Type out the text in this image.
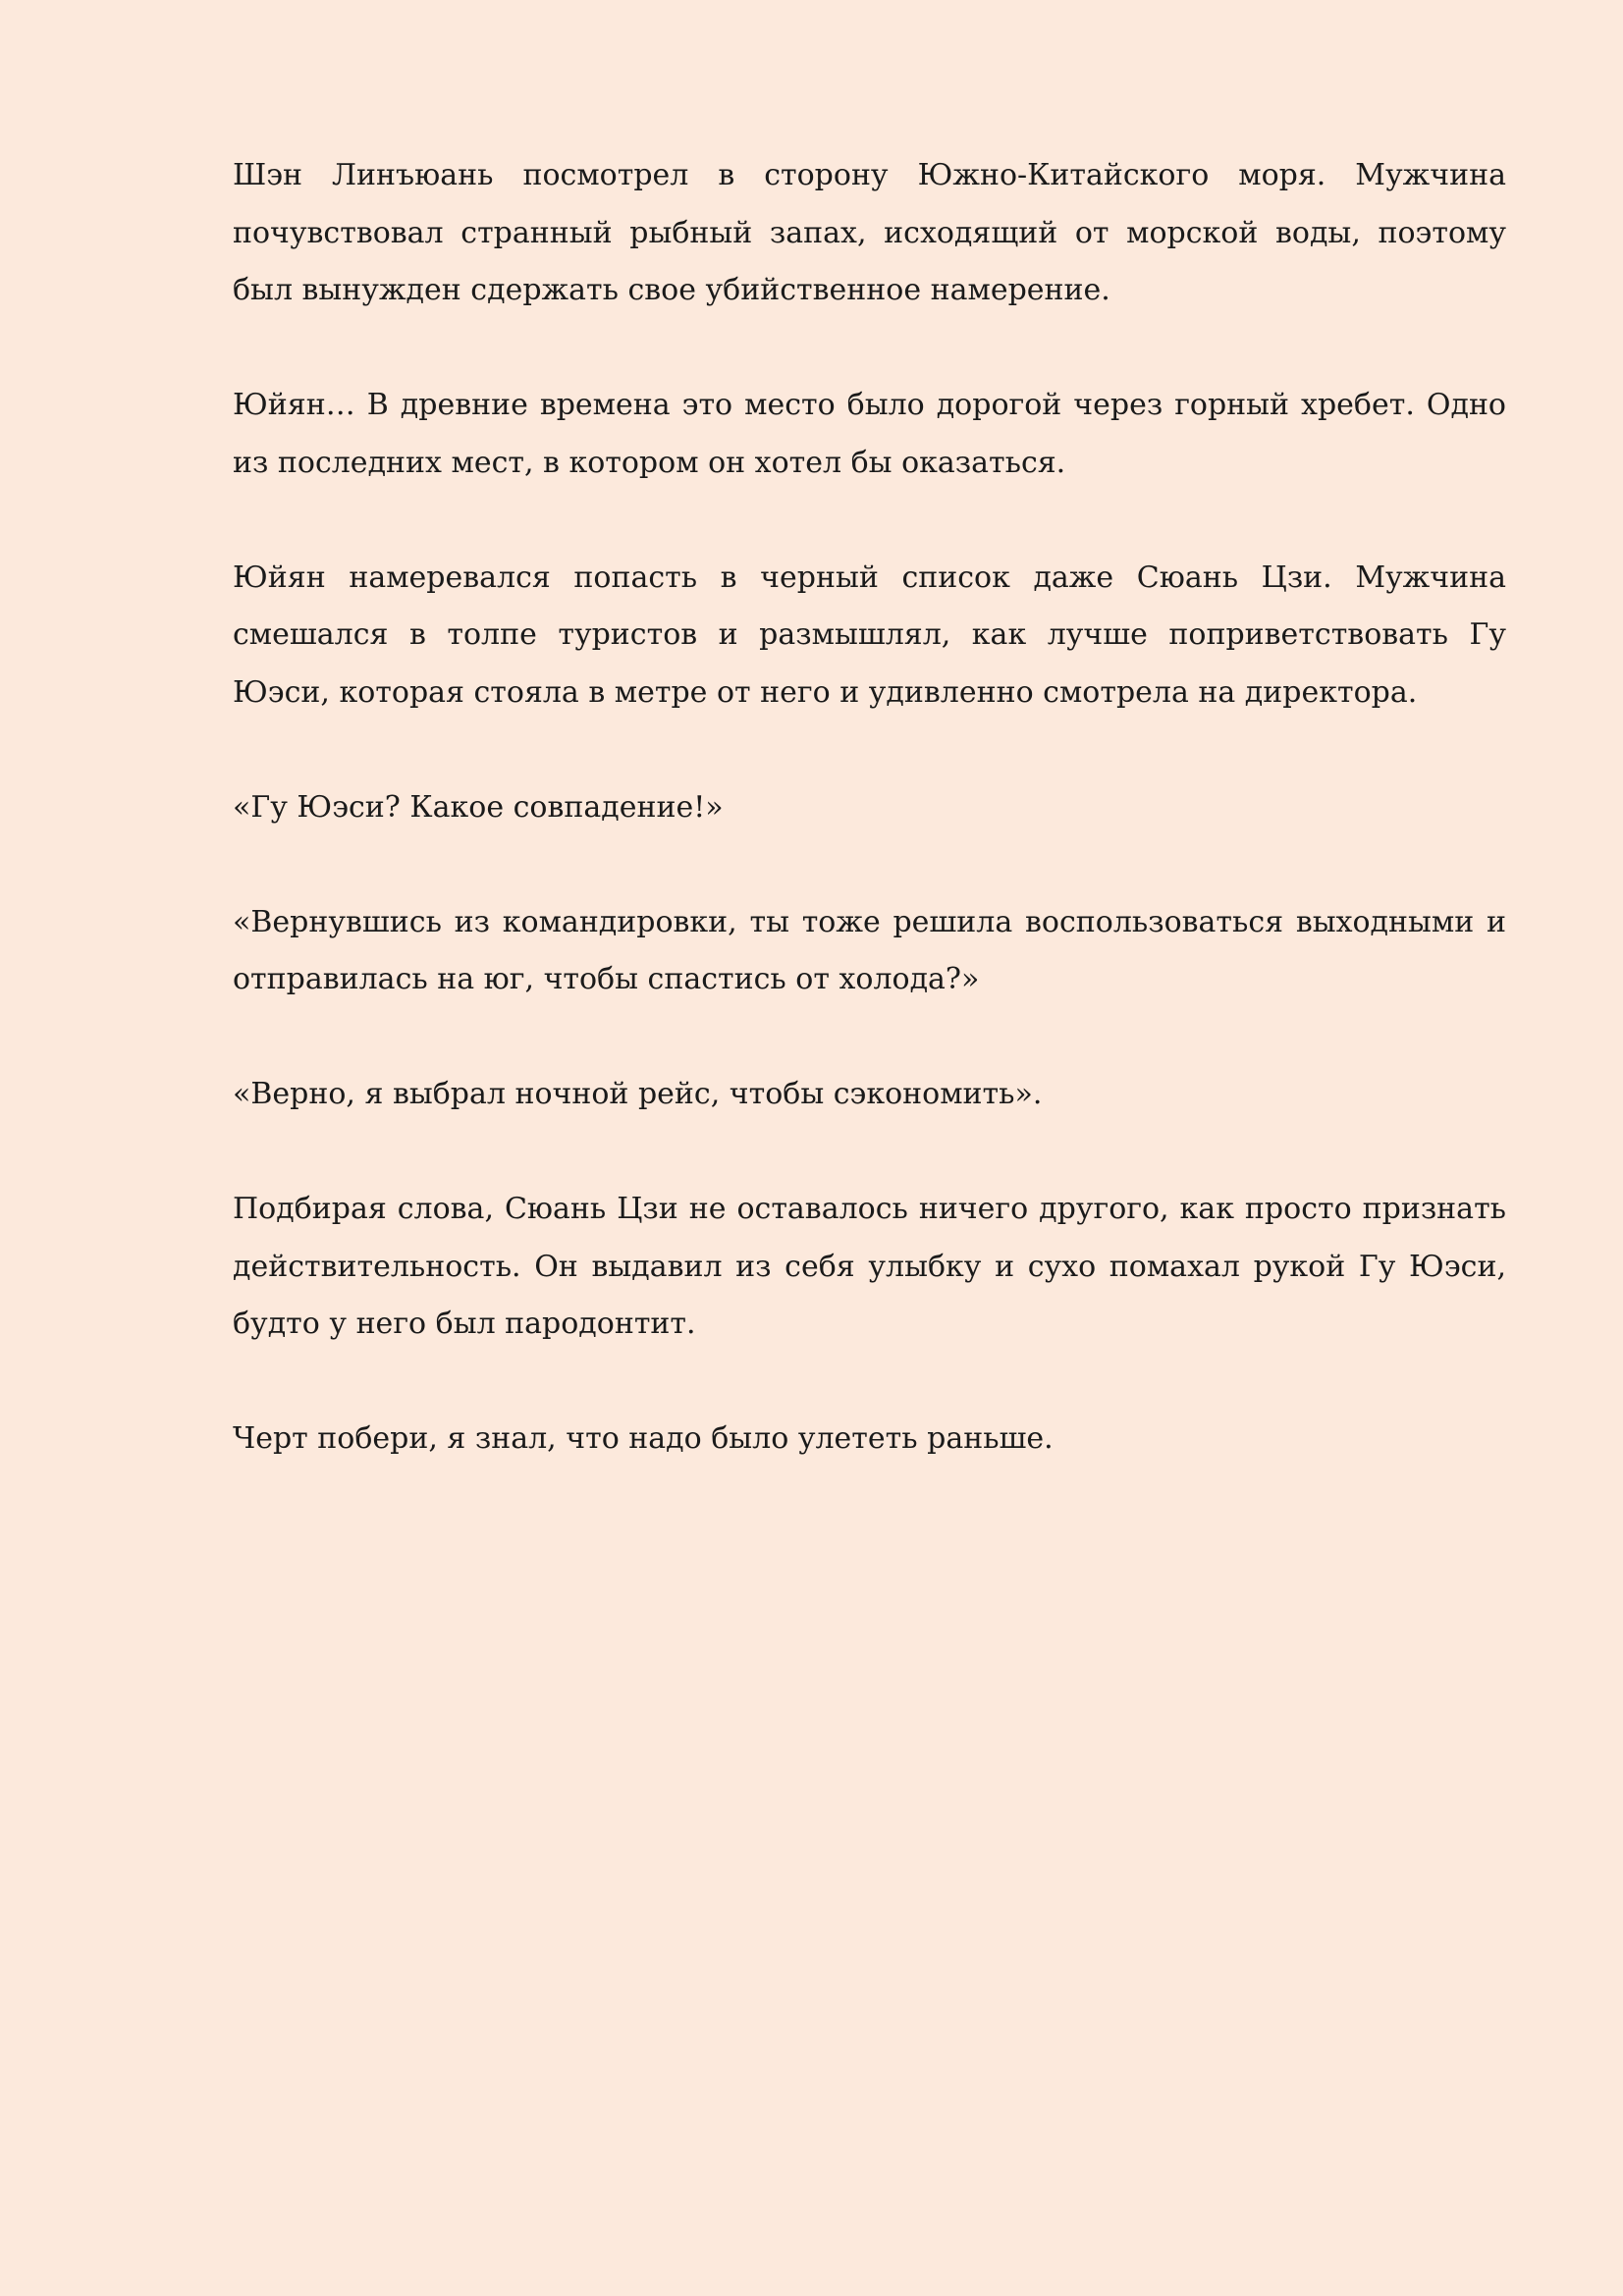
Шэн Линъюань посмотрел в сторону Южно-Китайского моря. Мужчина почувствовал странный рыбный запах, исходящий от морской воды, поэтому был вынужден сдержать свое убийственное намерение.

Юйян… В древние времена это место было дорогой через горный хребет. Одно из последних мест, в котором он хотел бы оказаться.

Юйян намеревался попасть в черный список даже Сюань Цзи. Мужчина смешался в толпе туристов и размышлял, как лучше поприветствовать Гу Юэси, которая стояла в метре от него и удивленно смотрела на директора.

«Гу Юэси? Какое совпадение!»

«Вернувшись из командировки, ты тоже решила воспользоваться выходными и отправилась на юг, чтобы спастись от холода?»

«Верно, я выбрал ночной рейс, чтобы сэкономить».

Подбирая слова, Сюань Цзи не оставалось ничего другого, как просто признать действительность. Он выдавил из себя улыбку и сухо помахал рукой Гу Юэси, будто у него был пародонтит.

Черт побери, я знал, что надо было улететь раньше.
